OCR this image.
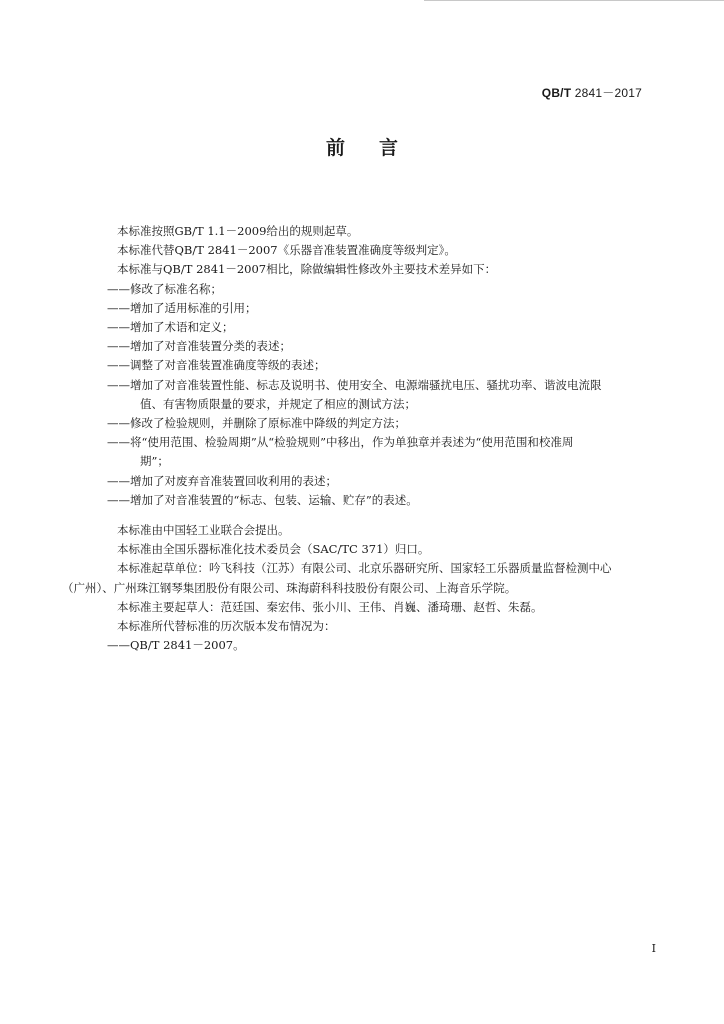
QB/T 2841－2017
前 言
本标准按照GB/T 1.1－2009给出的规则起草。
本标准代替QB/T 2841－2007《乐器音准装置准确度等级判定》。
本标准与QB/T 2841－2007相比，除做编辑性修改外主要技术差异如下：
——修改了标准名称；
——增加了适用标准的引用；
——增加了术语和定义；
——增加了对音准装置分类的表述；
——调整了对音准装置准确度等级的表述；
——增加了对音准装置性能、标志及说明书、使用安全、电源端骚扰电压、骚扰功率、谐波电流限
值、有害物质限量的要求，并规定了相应的测试方法；
——修改了检验规则，并删除了原标准中降级的判定方法；
——将“使用范围、检验周期”从“检验规则”中移出，作为单独章并表述为“使用范围和校准周
期”；
——增加了对废弃音准装置回收利用的表述；
——增加了对音准装置的“标志、包装、运输、贮存”的表述。
本标准由中国轻工业联合会提出。
本标准由全国乐器标准化技术委员会（SAC/TC 371）归口。
本标准起草单位：吟飞科技（江苏）有限公司、北京乐器研究所、国家轻工乐器质量监督检测中心
（广州）、广州珠江钢琴集团股份有限公司、珠海蔚科科技股份有限公司、上海音乐学院。
本标准主要起草人：范廷国、秦宏伟、张小川、王伟、肖巍、潘琦珊、赵哲、朱磊。
本标准所代替标准的历次版本发布情况为：
——QB/T 2841－2007。
I
